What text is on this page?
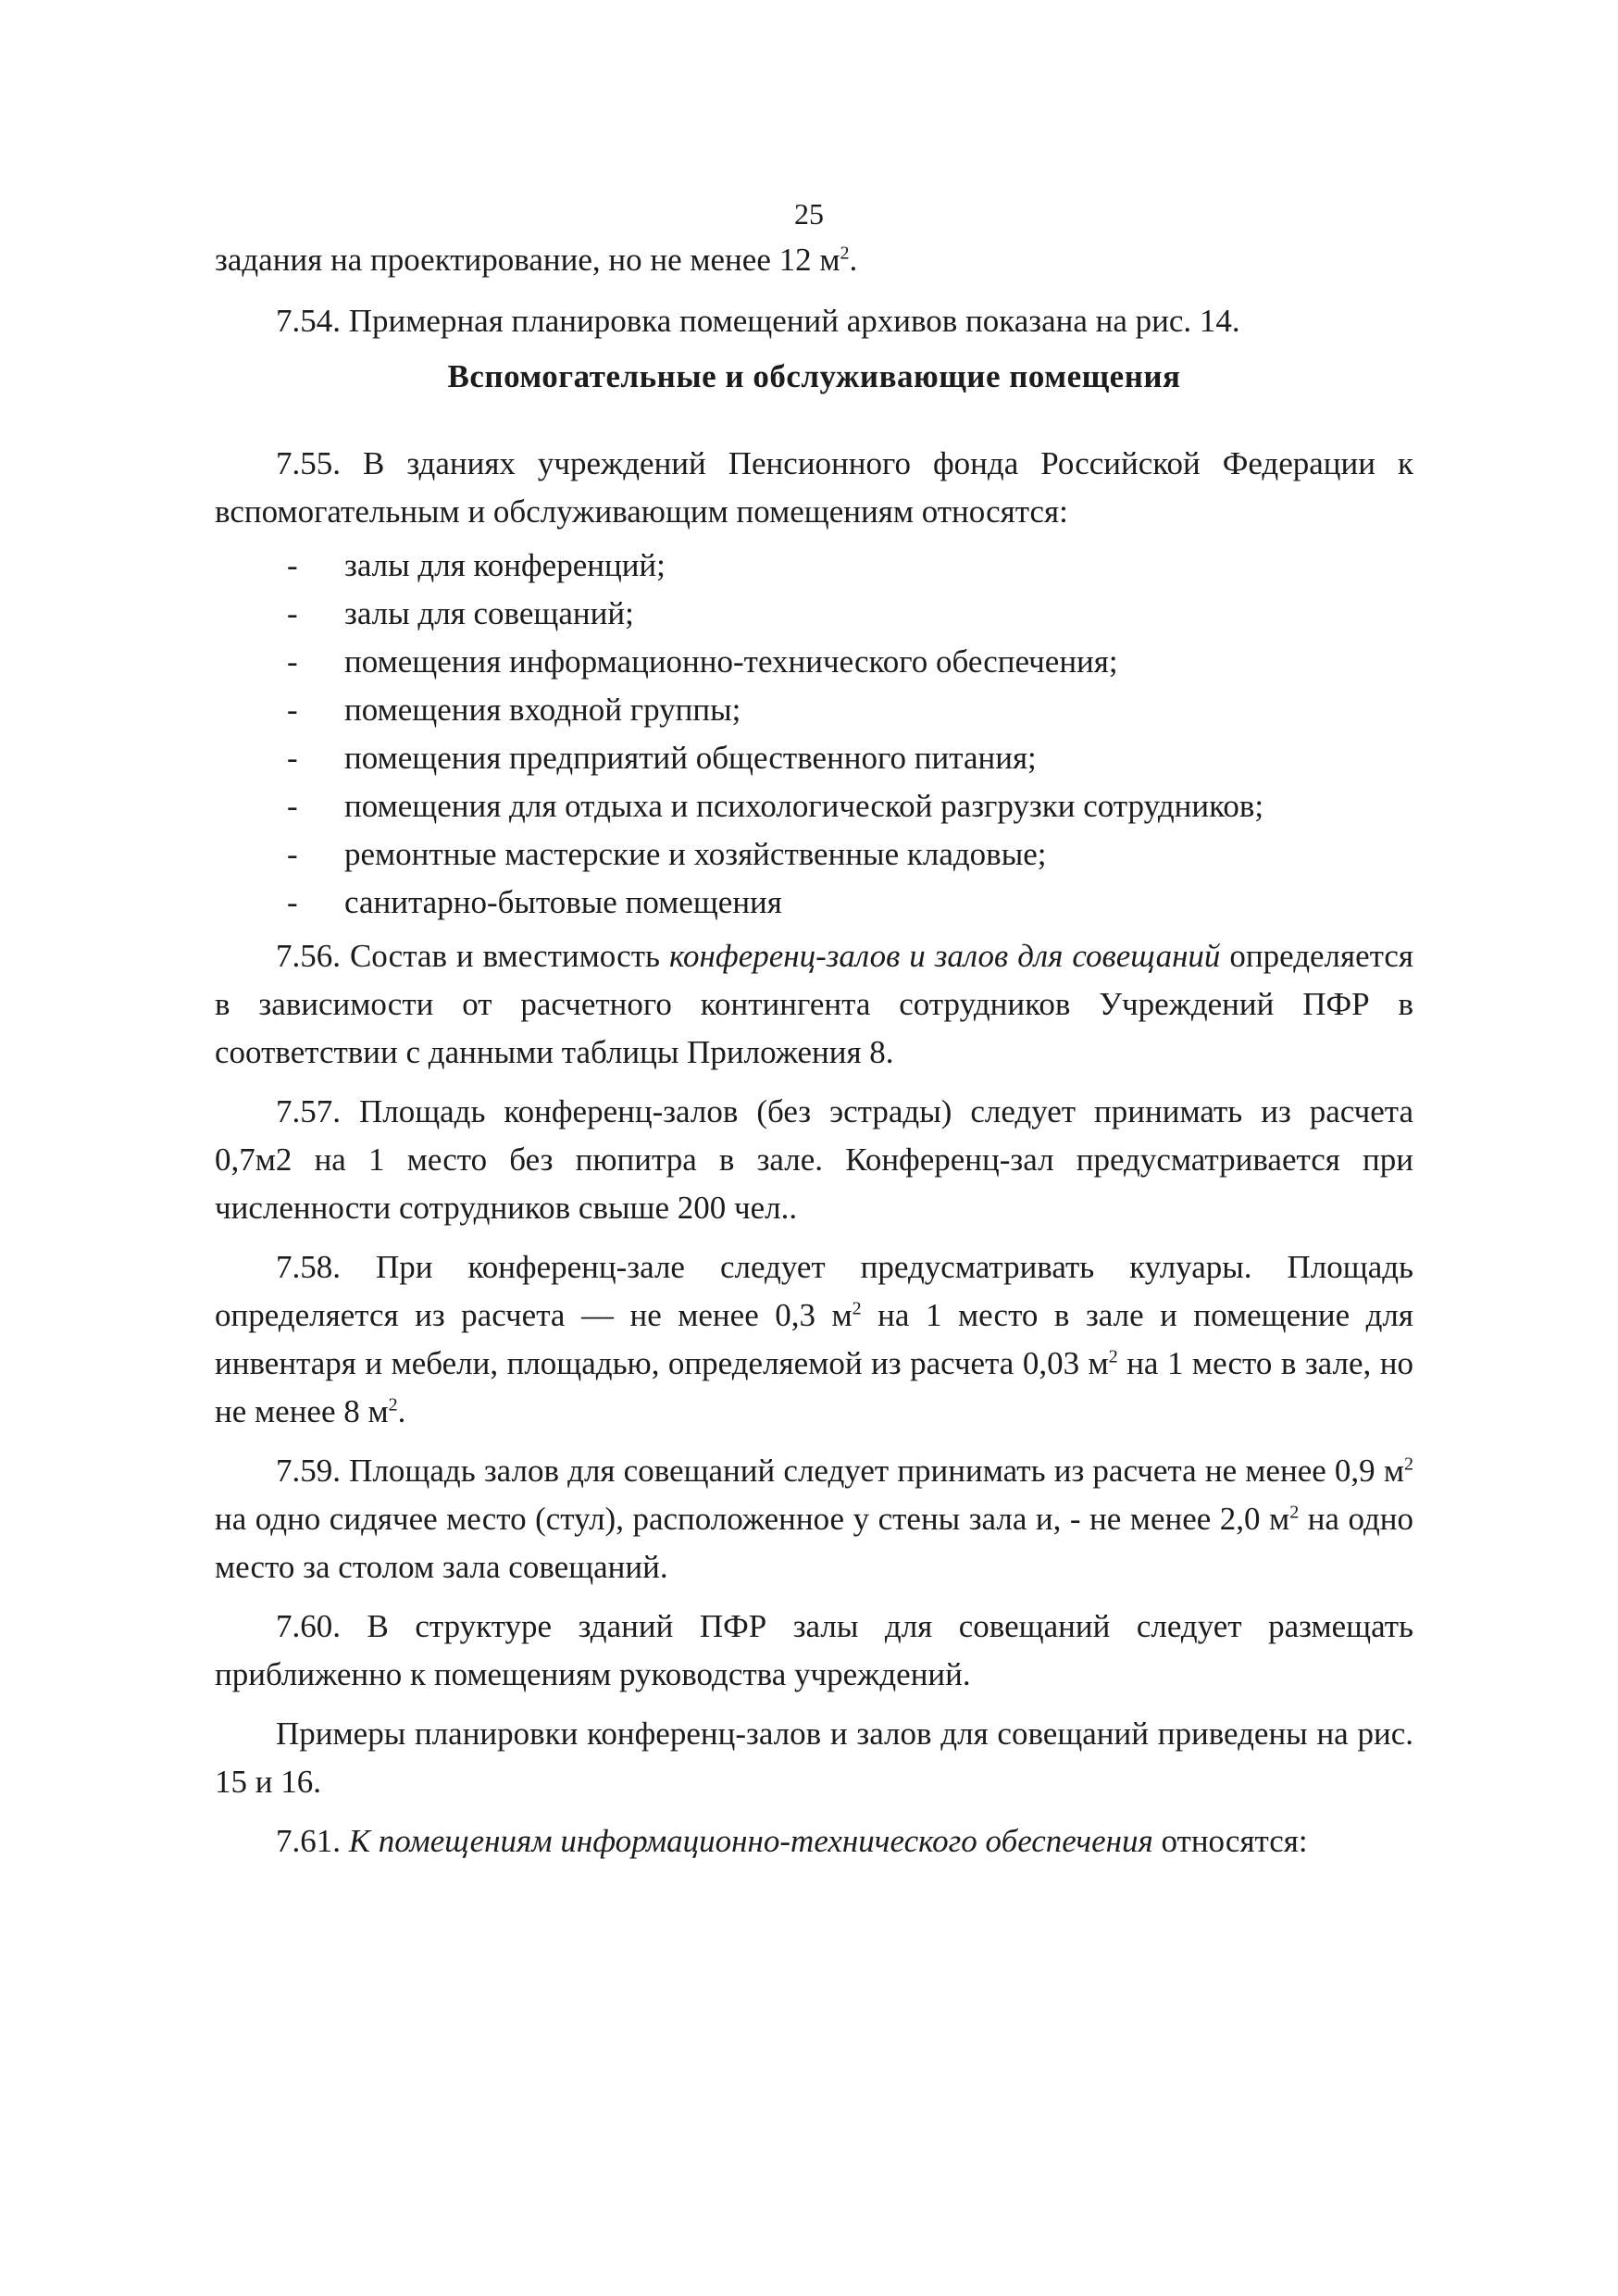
25

задания на проектирование, но не менее 12 $м^2$.

7.54. Примерная планировка помещений архивов показана на рис. 14.

Вспомогательные и обслуживающие помещения

7.55. В зданиях учреждений Пенсионного фонда Российской Федерации к вспомогательным и обслуживающим помещениям относятся:

- залы для конференций;
- залы для совещаний;
- помещения информационно-технического обеспечения;
- помещения входной группы;
- помещения предприятий общественного питания;
- помещения для отдыха и психологической разгрузки сотрудников;
- ремонтные мастерские и хозяйственные кладовые;
- санитарно-бытовые помещения

7.56. Состав и вместимость конференц-залов и залов для совещаний определяется в зависимости от расчетного контингента сотрудников Учреждений ПФР в соответствии с данными таблицы Приложения 8.

7.57. Площадь конференц-залов (без эстрады) следует принимать из расчета 0,7м2 на 1 место без пюпитра в зале. Конференц-зал предусматривается при численности сотрудников свыше 200 чел..

7.58. При конференц-зале следует предусматривать кулуары. Площадь определяется из расчета — не менее 0,3 $м^2$ на 1 место в зале и помещение для инвентаря и мебели, площадью, определяемой из расчета 0,03 $м^2$ на 1 место в зале, но не менее 8 $м^2$.

7.59. Площадь залов для совещаний следует принимать из расчета не менее 0,9 $м^2$ на одно сидячее место (стул), расположенное у стены зала и, - не менее 2,0 $м^2$ на одно место за столом зала совещаний.

7.60. В структуре зданий ПФР залы для совещаний следует размещать приближенно к помещениям руководства учреждений.

Примеры планировки конференц-залов и залов для совещаний приведены на рис. 15 и 16.

7.61. К помещениям информационно-технического обеспечения относятся:
